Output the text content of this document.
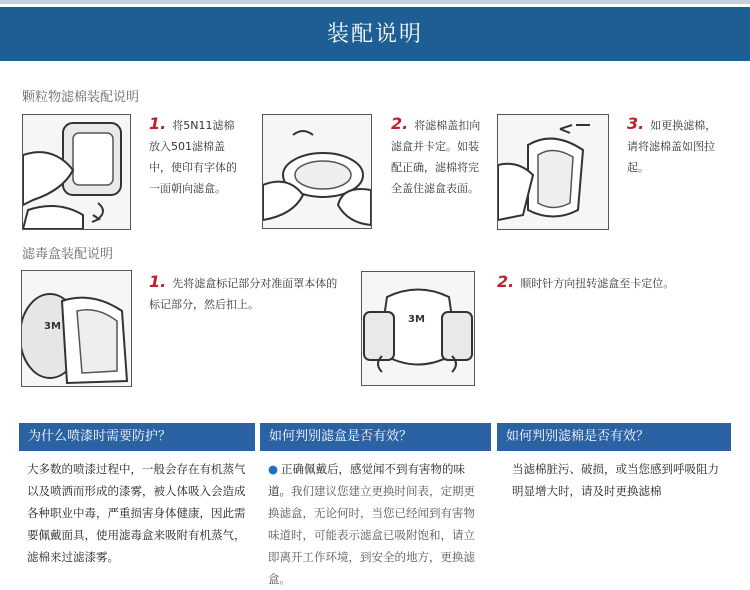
装配说明
颗粒物滤棉装配说明
1. 将5N11滤棉放入501滤棉盖中，使印有字体的一面朝向滤盒。
2. 将滤棉盖扣向滤盒并卡定。如装配正确，滤棉将完全盖住滤盒表面。
3. 如更换滤棉，请将滤棉盖如图拉起。
滤毒盒装配说明
3M
1. 先将滤盒标记部分对准面罩本体的标记部分，然后扣上。
3M
2. 顺时针方向扭转滤盒至卡定位。
为什么喷漆时需要防护？	如何判别滤盒是否有效？	如何判别滤棉是否有效？
大多数的喷漆过程中，一般会存在有机蒸气以及喷洒而形成的漆雾，被人体吸入会造成各种职业中毒，严重损害身体健康，因此需要佩戴面具，使用滤毒盒来吸附有机蒸气，滤棉来过滤漆雾。
● 正确佩戴后，感觉闻不到有害物的味道。我们建议您建立更换时间表，定期更换滤盒，无论何时，当您已经闻到有害物味道时，可能表示滤盒已吸附饱和，请立即离开工作环境，到安全的地方，更换滤盒。
当滤棉脏污、破损，或当您感到呼吸阻力明显增大时，请及时更换滤棉
